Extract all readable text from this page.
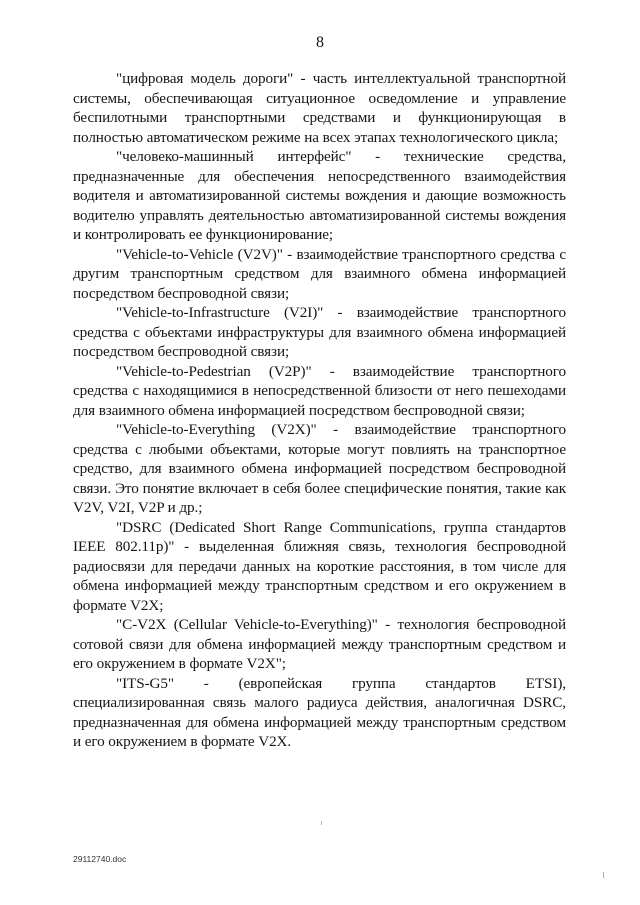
8

"цифровая модель дороги" - часть интеллектуальной транспортной системы, обеспечивающая ситуационное осведомление и управление беспилотными транспортными средствами и функционирующая в полностью автоматическом режиме на всех этапах технологического цикла;

"человеко-машинный интерфейс" - технические средства, предназначенные для обеспечения непосредственного взаимодействия водителя и автоматизированной системы вождения и дающие возможность водителю управлять деятельностью автоматизированной системы вождения и контролировать ее функционирование;

"Vehicle-to-Vehicle (V2V)" - взаимодействие транспортного средства с другим транспортным средством для взаимного обмена информацией посредством беспроводной связи;

"Vehicle-to-Infrastructure (V2I)" - взаимодействие транспортного средства с объектами инфраструктуры для взаимного обмена информацией посредством беспроводной связи;

"Vehicle-to-Pedestrian (V2P)" - взаимодействие транспортного средства с находящимися в непосредственной близости от него пешеходами для взаимного обмена информацией посредством беспроводной связи;

"Vehicle-to-Everything (V2X)" - взаимодействие транспортного средства с любыми объектами, которые могут повлиять на транспортное средство, для взаимного обмена информацией посредством беспроводной связи. Это понятие включает в себя более специфические понятия, такие как V2V, V2I, V2P и др.;

"DSRC (Dedicated Short Range Communications, группа стандартов IEEE 802.11p)" - выделенная ближняя связь, технология беспроводной радиосвязи для передачи данных на короткие расстояния, в том числе для обмена информацией между транспортным средством и его окружением в формате V2X;

"C-V2X (Cellular Vehicle-to-Everything)" - технология беспроводной сотовой связи для обмена информацией между транспортным средством и его окружением в формате V2X";

"ITS-G5" - (европейская группа стандартов ETSI), специализированная связь малого радиуса действия, аналогичная DSRC, предназначенная для обмена информацией между транспортным средством и его окружением в формате V2X.

29112740.doc
